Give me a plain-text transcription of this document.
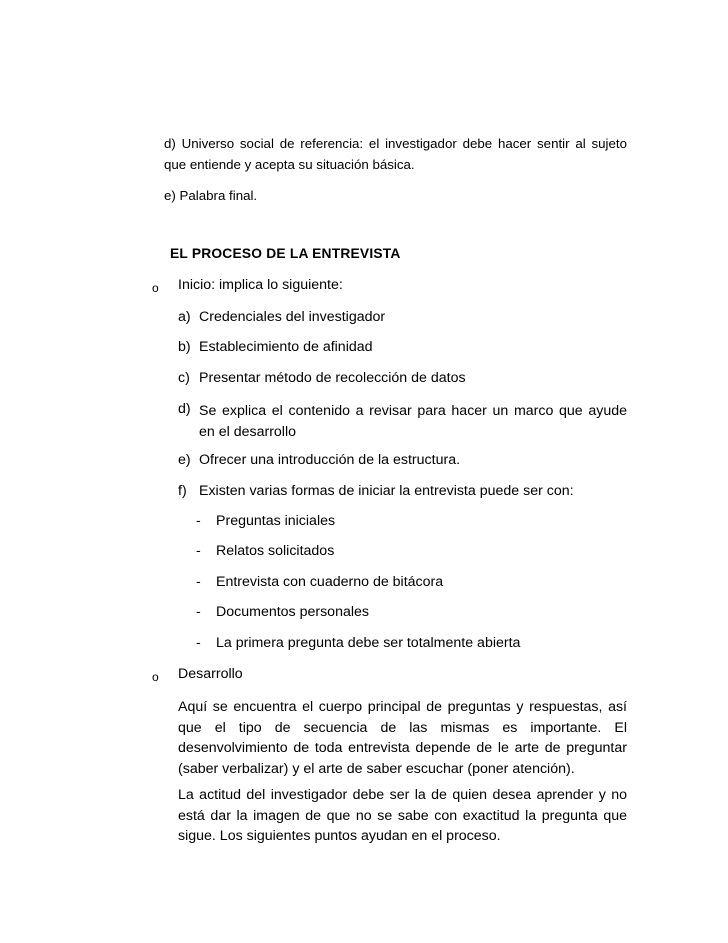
d) Universo social de referencia: el investigador debe hacer sentir al sujeto que entiende y acepta su situación básica.

e) Palabra final.

EL PROCESO DE LA ENTREVISTA
o Inicio: implica lo siguiente:
a) Credenciales del investigador
b) Establecimiento de afinidad
c) Presentar método de recolección de datos
d) Se explica el contenido a revisar para hacer un marco que ayude en el desarrollo

e) Ofrecer una introducción de la estructura.
f) Existen varias formas de iniciar la entrevista puede ser con:
- Preguntas iniciales
- Relatos solicitados
- Entrevista con cuaderno de bitácora
- Documentos personales
- La primera pregunta debe ser totalmente abierta
o Desarrollo

Aquí se encuentra el cuerpo principal de preguntas y respuestas, así que el tipo de secuencia de las mismas es importante. El desenvolvimiento de toda entrevista depende de le arte de preguntar (saber verbalizar) y el arte de saber escuchar (poner atención).

La actitud del investigador debe ser la de quien desea aprender y no está dar la imagen de que no se sabe con exactitud la pregunta que sigue. Los siguientes puntos ayudan en el proceso.
